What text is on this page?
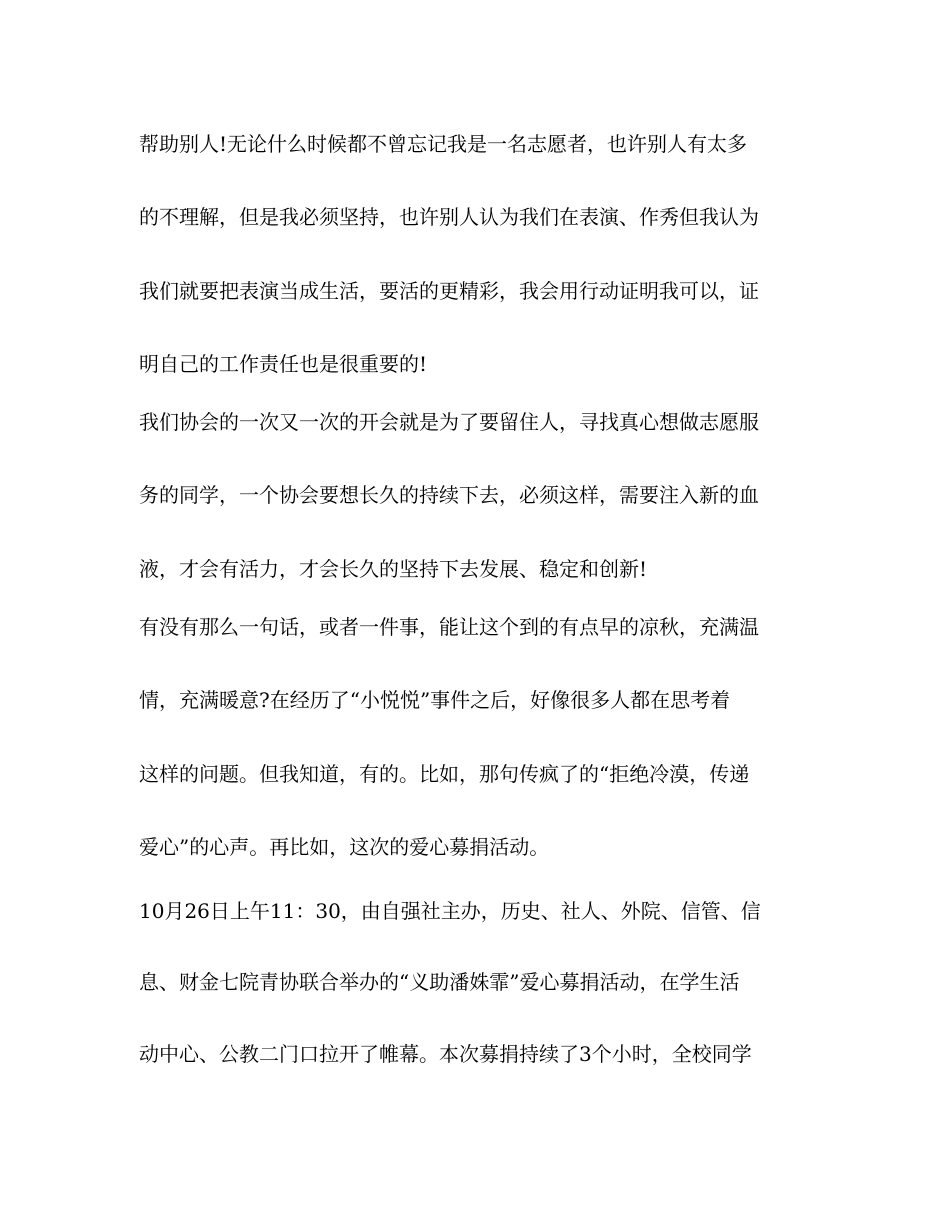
帮助别人!无论什么时候都不曾忘记我是一名志愿者，也许别人有太多

的不理解，但是我必须坚持，也许别人认为我们在表演、作秀但我认为

我们就要把表演当成生活，要活的更精彩，我会用行动证明我可以，证

明自己的工作责任也是很重要的!

我们协会的一次又一次的开会就是为了要留住人，寻找真心想做志愿服

务的同学，一个协会要想长久的持续下去，必须这样，需要注入新的血

液，才会有活力，才会长久的坚持下去发展、稳定和创新!

有没有那么一句话，或者一件事，能让这个到的有点早的凉秋，充满温

情，充满暖意?在经历了“小悦悦”事件之后，好像很多人都在思考着

这样的问题。但我知道，有的。比如，那句传疯了的“拒绝冷漠，传递

爱心”的心声。再比如，这次的爱心募捐活动。

10月26日上午11：30，由自强社主办，历史、社人、外院、信管、信

息、财金七院青协联合举办的“义助潘姝霏”爱心募捐活动，在学生活

动中心、公教二门口拉开了帷幕。本次募捐持续了3个小时，全校同学
